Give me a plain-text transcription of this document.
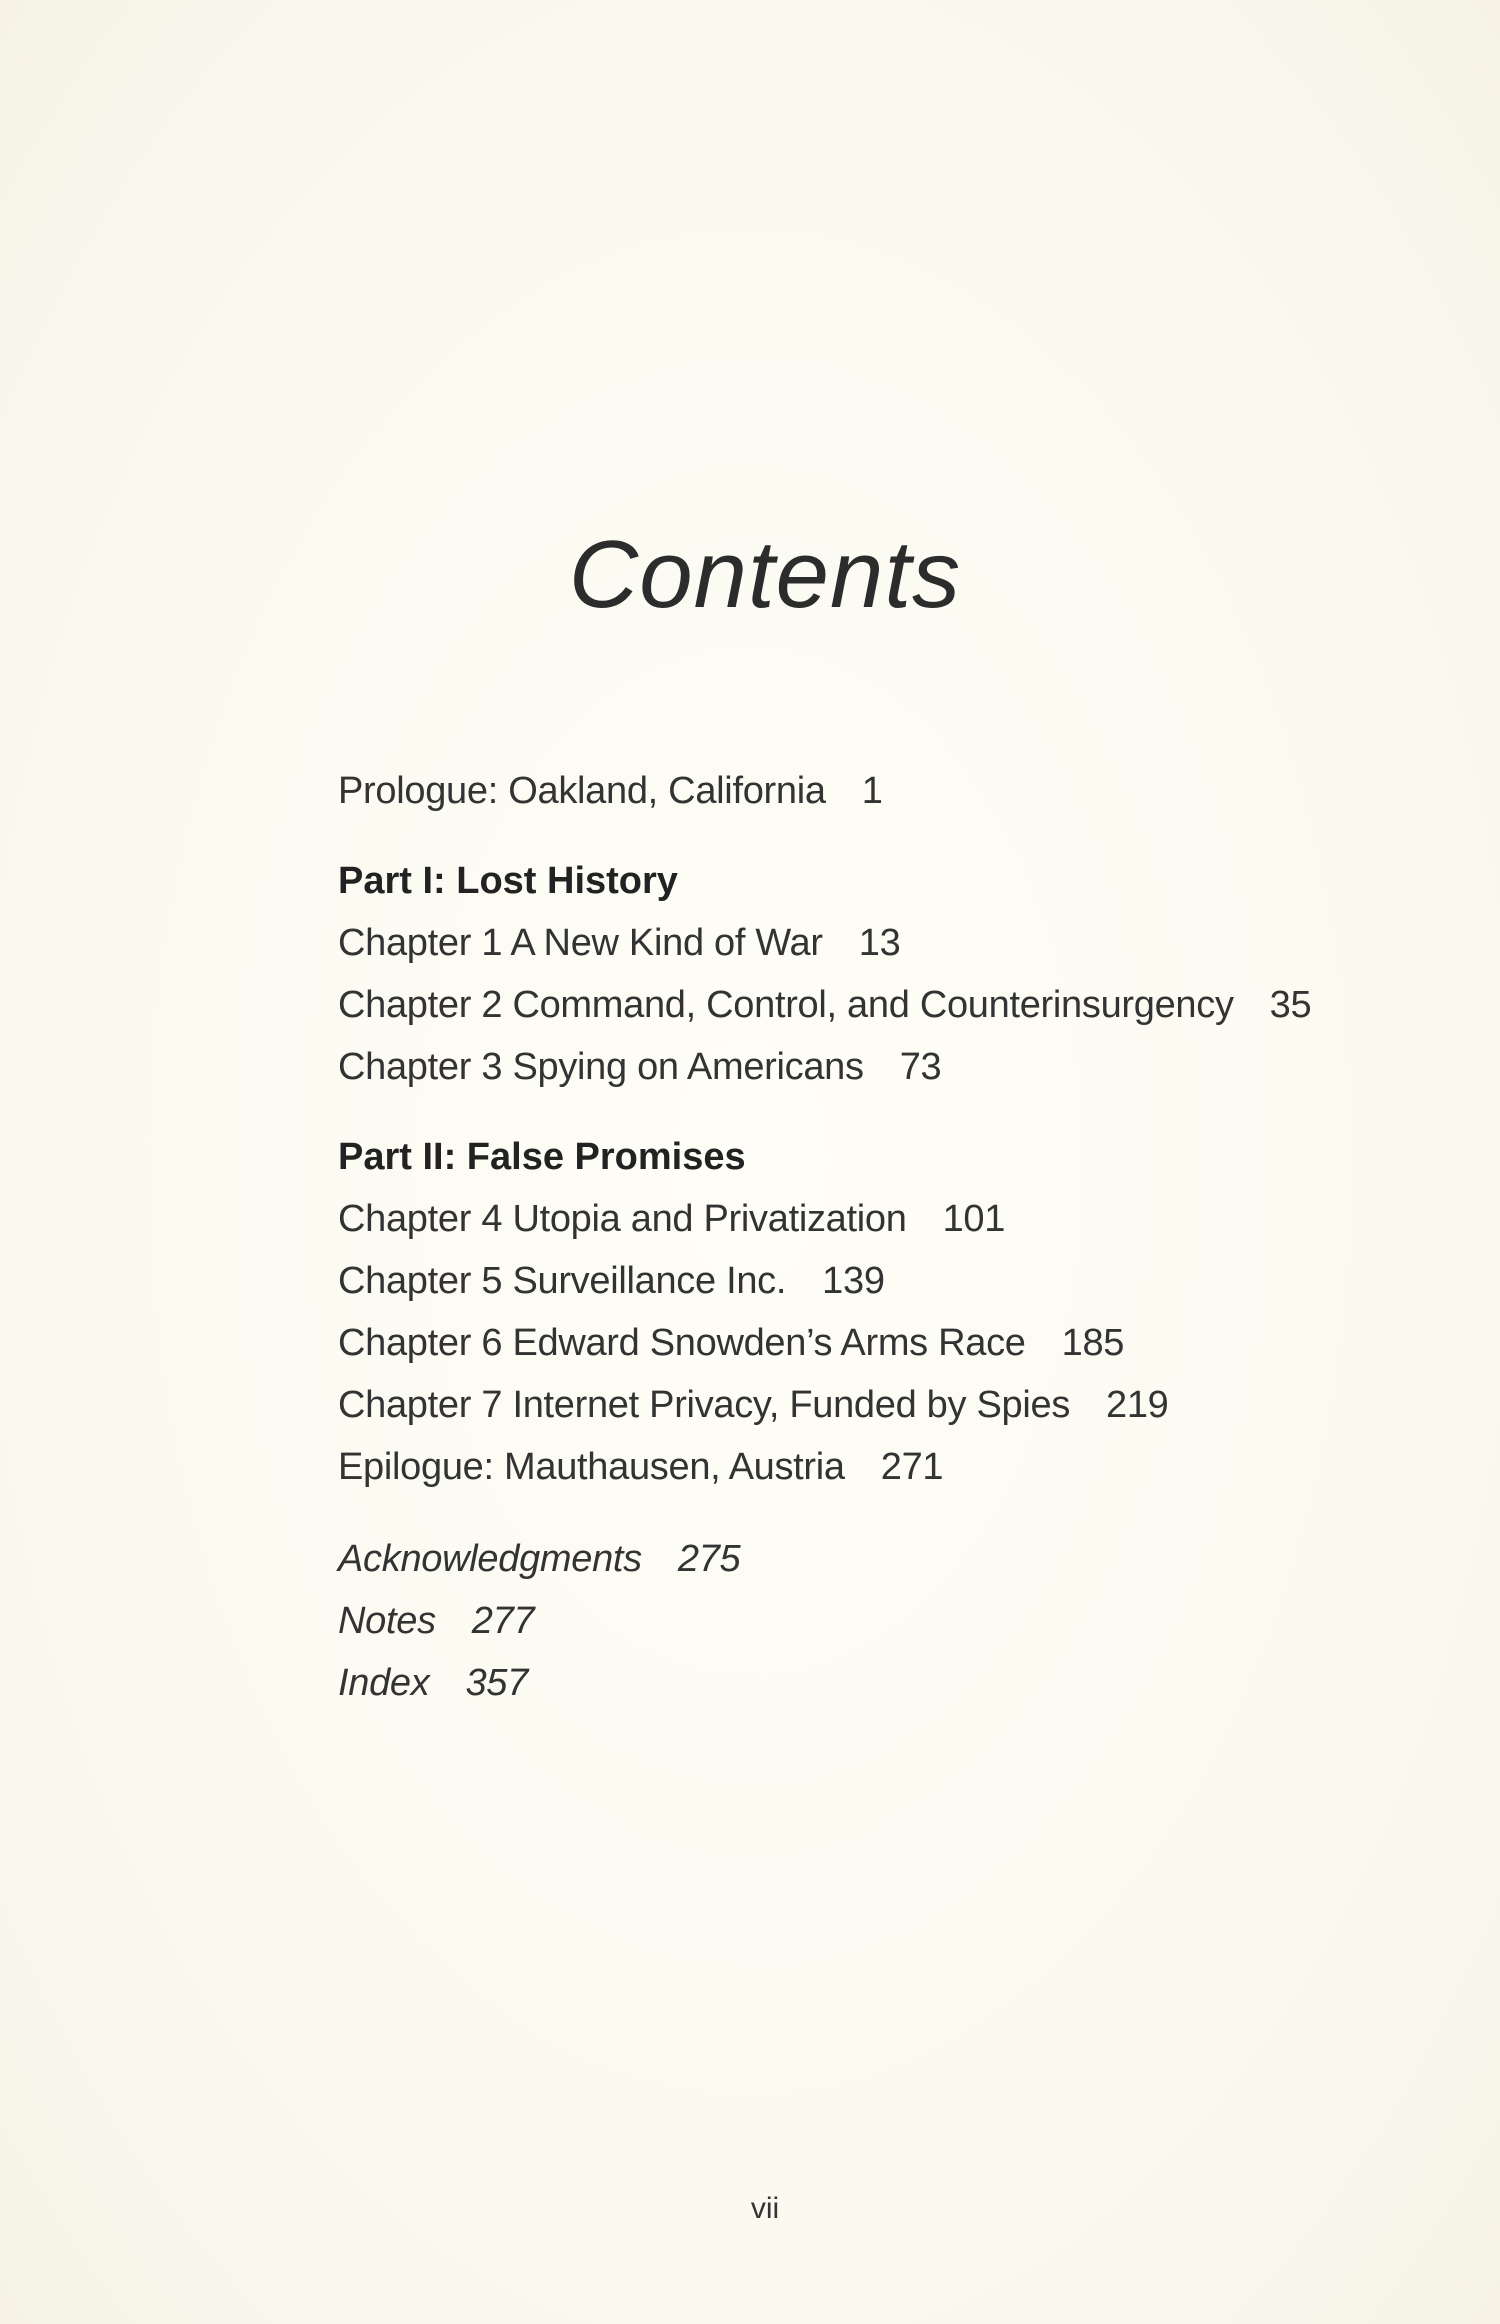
Contents
Prologue: Oakland, California 1
Part I: Lost History
Chapter 1 A New Kind of War 13
Chapter 2 Command, Control, and Counterinsurgency 35
Chapter 3 Spying on Americans 73
Part II: False Promises
Chapter 4 Utopia and Privatization 101
Chapter 5 Surveillance Inc. 139
Chapter 6 Edward Snowden’s Arms Race 185
Chapter 7 Internet Privacy, Funded by Spies 219
Epilogue: Mauthausen, Austria 271
Acknowledgments 275
Notes 277
Index 357
vii
